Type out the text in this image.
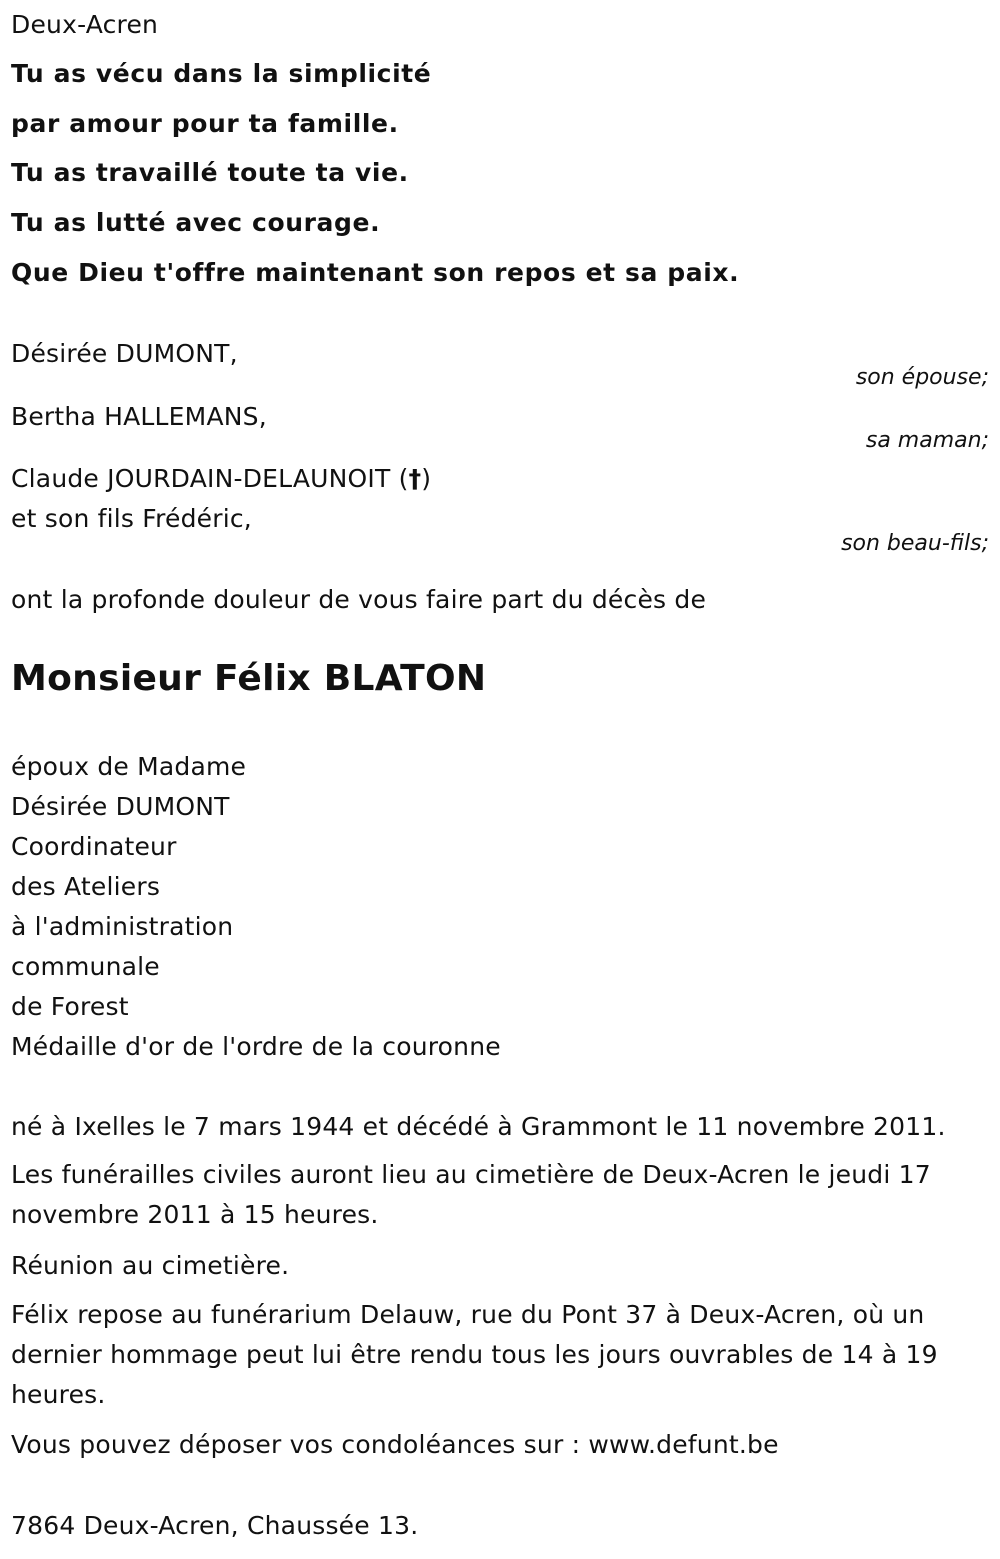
Deux-Acren
Tu as vécu dans la simplicité
par amour pour ta famille.
Tu as travaillé toute ta vie.
Tu as lutté avec courage.
Que Dieu t'offre maintenant son repos et sa paix.
Désirée DUMONT,
son épouse;
Bertha HALLEMANS,
sa maman;
Claude JOURDAIN-DELAUNOIT (†)
et son fils Frédéric,
son beau-fils;
ont la profonde douleur de vous faire part du décès de
Monsieur Félix BLATON
époux de Madame
Désirée DUMONT
Coordinateur
des Ateliers
à l'administration
communale
de Forest
Médaille d'or de l'ordre de la couronne
né à Ixelles le 7 mars 1944 et décédé à Grammont le 11 novembre 2011.
Les funérailles civiles auront lieu au cimetière de Deux-Acren le jeudi 17 novembre 2011 à 15 heures.
Réunion au cimetière.
Félix repose au funérarium Delauw, rue du Pont 37 à Deux-Acren, où un dernier hommage peut lui être rendu tous les jours ouvrables de 14 à 19 heures.
Vous pouvez déposer vos condoléances sur : www.defunt.be
7864 Deux-Acren, Chaussée 13.
